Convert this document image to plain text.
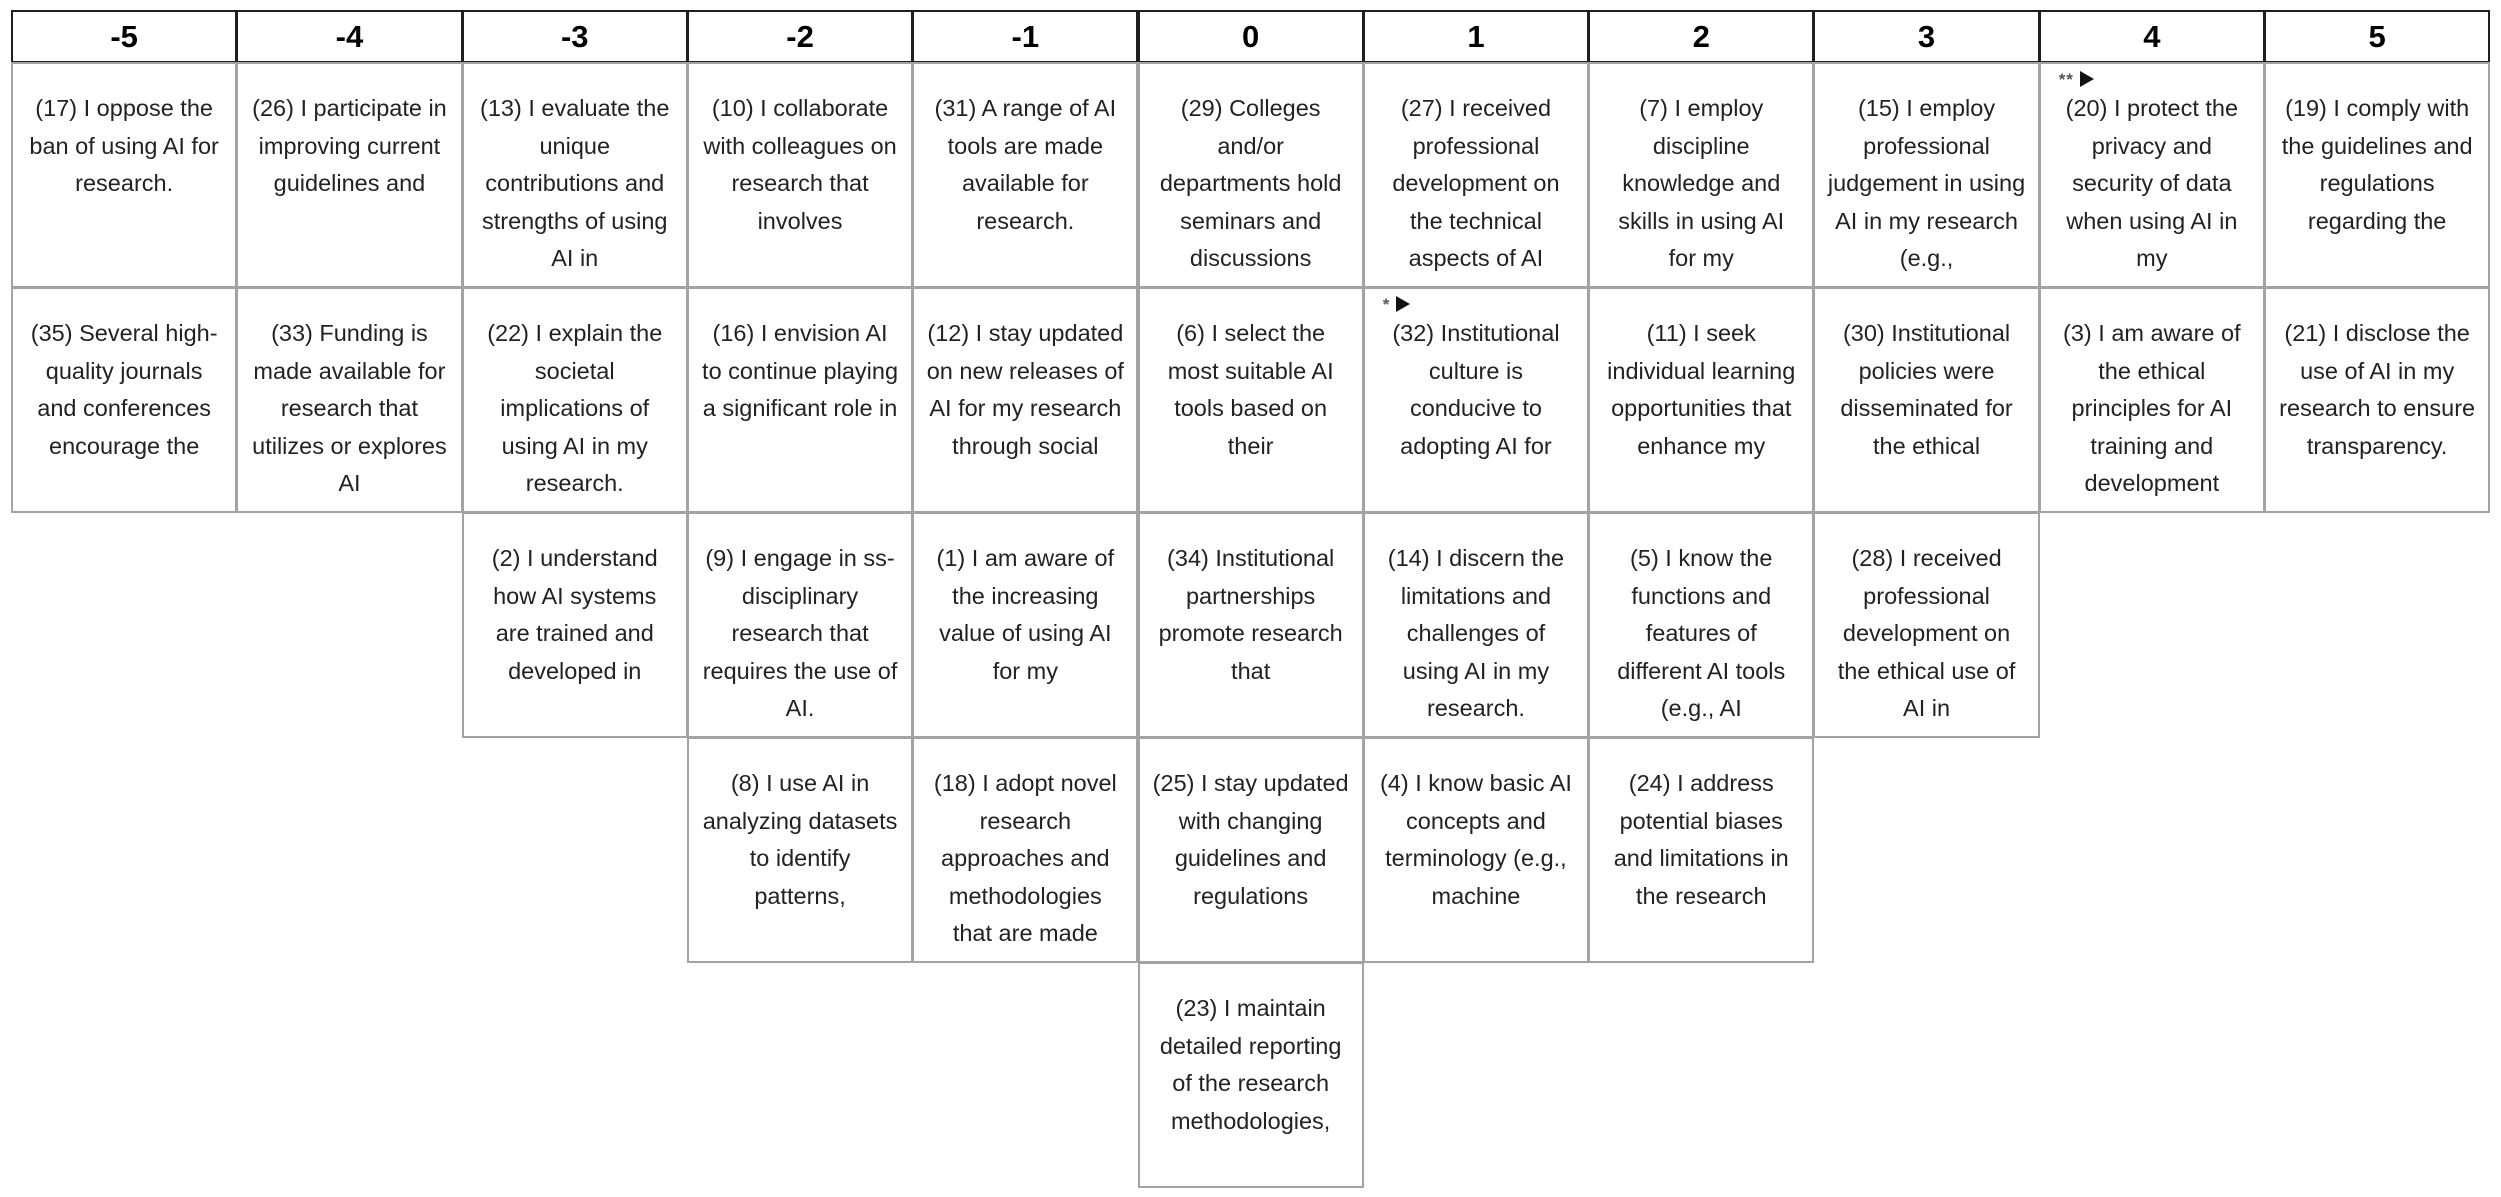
-5
(17) I oppose the ban of using AI for research.
(35) Several high-quality journals and conferences encourage the
-4
(26) I participate in improving current guidelines and
(33) Funding is made available for research that utilizes or explores AI
-3
(13) I evaluate the unique contributions and strengths of using AI in
(22) I explain the societal implications of using AI in my research.
(2) I understand how AI systems are trained and developed in
-2
(10) I collaborate with colleagues on research that involves
(16) I envision AI to continue playing a significant role in
(9) I engage in ss-disciplinary research that requires the use of AI.
(8) I use AI in analyzing datasets to identify patterns,
-1
(31) A range of AI tools are made available for research.
(12) I stay updated on new releases of AI for my research through social
(1) I am aware of the increasing value of using AI for my
(18) I adopt novel research approaches and methodologies that are made
0
(29) Colleges and/or departments hold seminars and discussions
(6) I select the most suitable AI tools based on their
(34) Institutional partnerships promote research that
(25) I stay updated with changing guidelines and regulations
(23) I maintain detailed reporting of the research methodologies,
1
(27) I received professional development on the technical aspects of AI
*
(32) Institutional culture is conducive to adopting AI for
(14) I discern the limitations and challenges of using AI in my research.
(4) I know basic AI concepts and terminology (e.g., machine
2
(7) I employ discipline knowledge and skills in using AI for my
(11) I seek individual learning opportunities that enhance my
(5) I know the functions and features of different AI tools (e.g., AI
(24) I address potential biases and limitations in the research
3
(15) I employ professional judgement in using AI in my research (e.g.,
(30) Institutional policies were disseminated for the ethical
(28) I received professional development on the ethical use of AI in
4
**
(20) I protect the privacy and security of data when using AI in my
(3) I am aware of the ethical principles for AI training and development
5
(19) I comply with the guidelines and regulations regarding the
(21) I disclose the use of AI in my research to ensure transparency.
